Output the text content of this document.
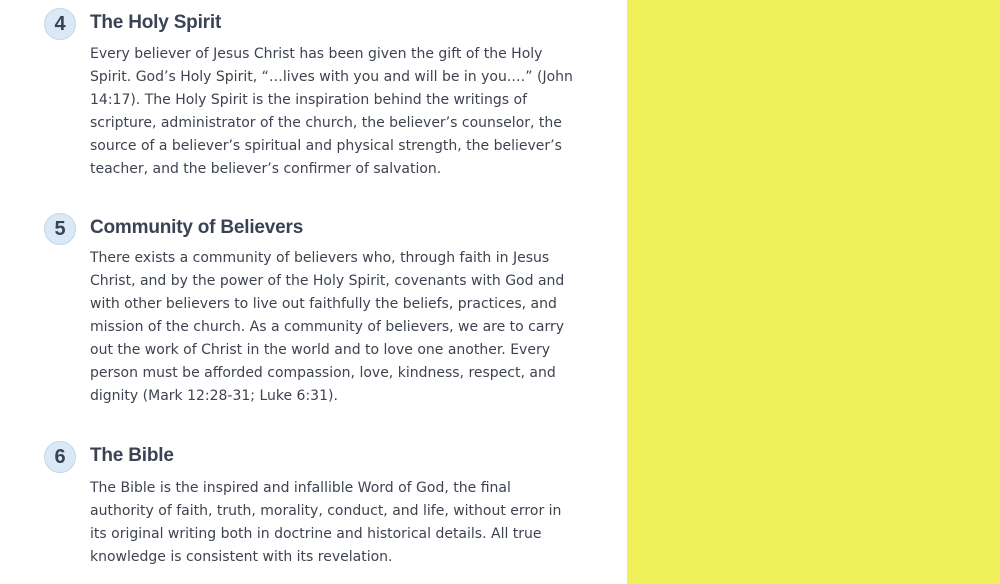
4	The Holy Spirit

Every believer of Jesus Christ has been given the gift of the Holy
Spirit. God’s Holy Spirit, “…lives with you and will be in you.…” (John
14:17). The Holy Spirit is the inspiration behind the writings of
scripture, administrator of the church, the believer’s counselor, the
source of a believer’s spiritual and physical strength, the believer’s
teacher, and the believer’s confirmer of salvation.

5	Community of Believers

There exists a community of believers who, through faith in Jesus
Christ, and by the power of the Holy Spirit, covenants with God and
with other believers to live out faithfully the beliefs, practices, and
mission of the church. As a community of believers, we are to carry
out the work of Christ in the world and to love one another. Every
person must be afforded compassion, love, kindness, respect, and
dignity (Mark 12:28-31; Luke 6:31).

6	The Bible

The Bible is the inspired and infallible Word of God, the final
authority of faith, truth, morality, conduct, and life, without error in
its original writing both in doctrine and historical details. All true
knowledge is consistent with its revelation.
